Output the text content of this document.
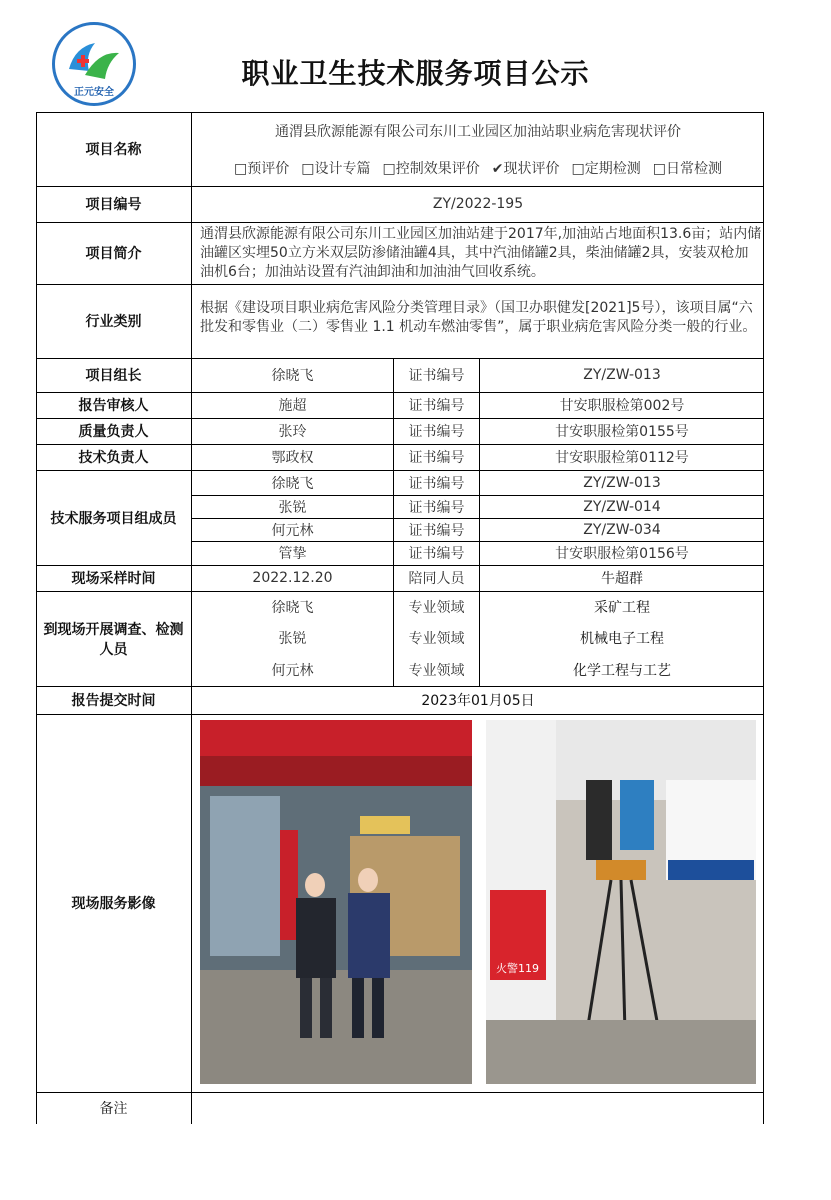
正元安全
职业卫生技术服务项目公示
项目名称
通渭县欣源能源有限公司东川工业园区加油站职业病危害现状评价
□预评价 □设计专篇 □控制效果评价 ✔现状评价 □定期检测 □日常检测
项目编号	ZY/2022-195
项目简介
通渭县欣源能源有限公司东川工业园区加油站建于2017年,加油站占地面积13.6亩；站内储油罐区实埋50立方米双层防渗储油罐4具，其中汽油储罐2具，柴油储罐2具，安装双枪加油机6台；加油站设置有汽油卸油和加油油气回收系统。
行业类别
根据《建设项目职业病危害风险分类管理目录》（国卫办职健发[2021]5号），该项目属“六 批发和零售业（二）零售业 1.1 机动车燃油零售”，属于职业病危害风险分类一般的行业。
项目组长	徐晓飞	证书编号	ZY/ZW-013
报告审核人	施超	证书编号	甘安职服检第002号
质量负责人	张玲	证书编号	甘安职服检第0155号
技术负责人	鄂政权	证书编号	甘安职服检第0112号
技术服务项目组成员
徐晓飞	证书编号	ZY/ZW-013
张锐	证书编号	ZY/ZW-014
何元林	证书编号	ZY/ZW-034
管挚	证书编号	甘安职服检第0156号
现场采样时间	2022.12.20	陪同人员	牛超群
到现场开展调查、检测人员
徐晓飞	专业领域	采矿工程
张锐	专业领域	机械电子工程
何元林	专业领域	化学工程与工艺
报告提交时间	2023年01月05日
现场服务影像
火警119
备注
